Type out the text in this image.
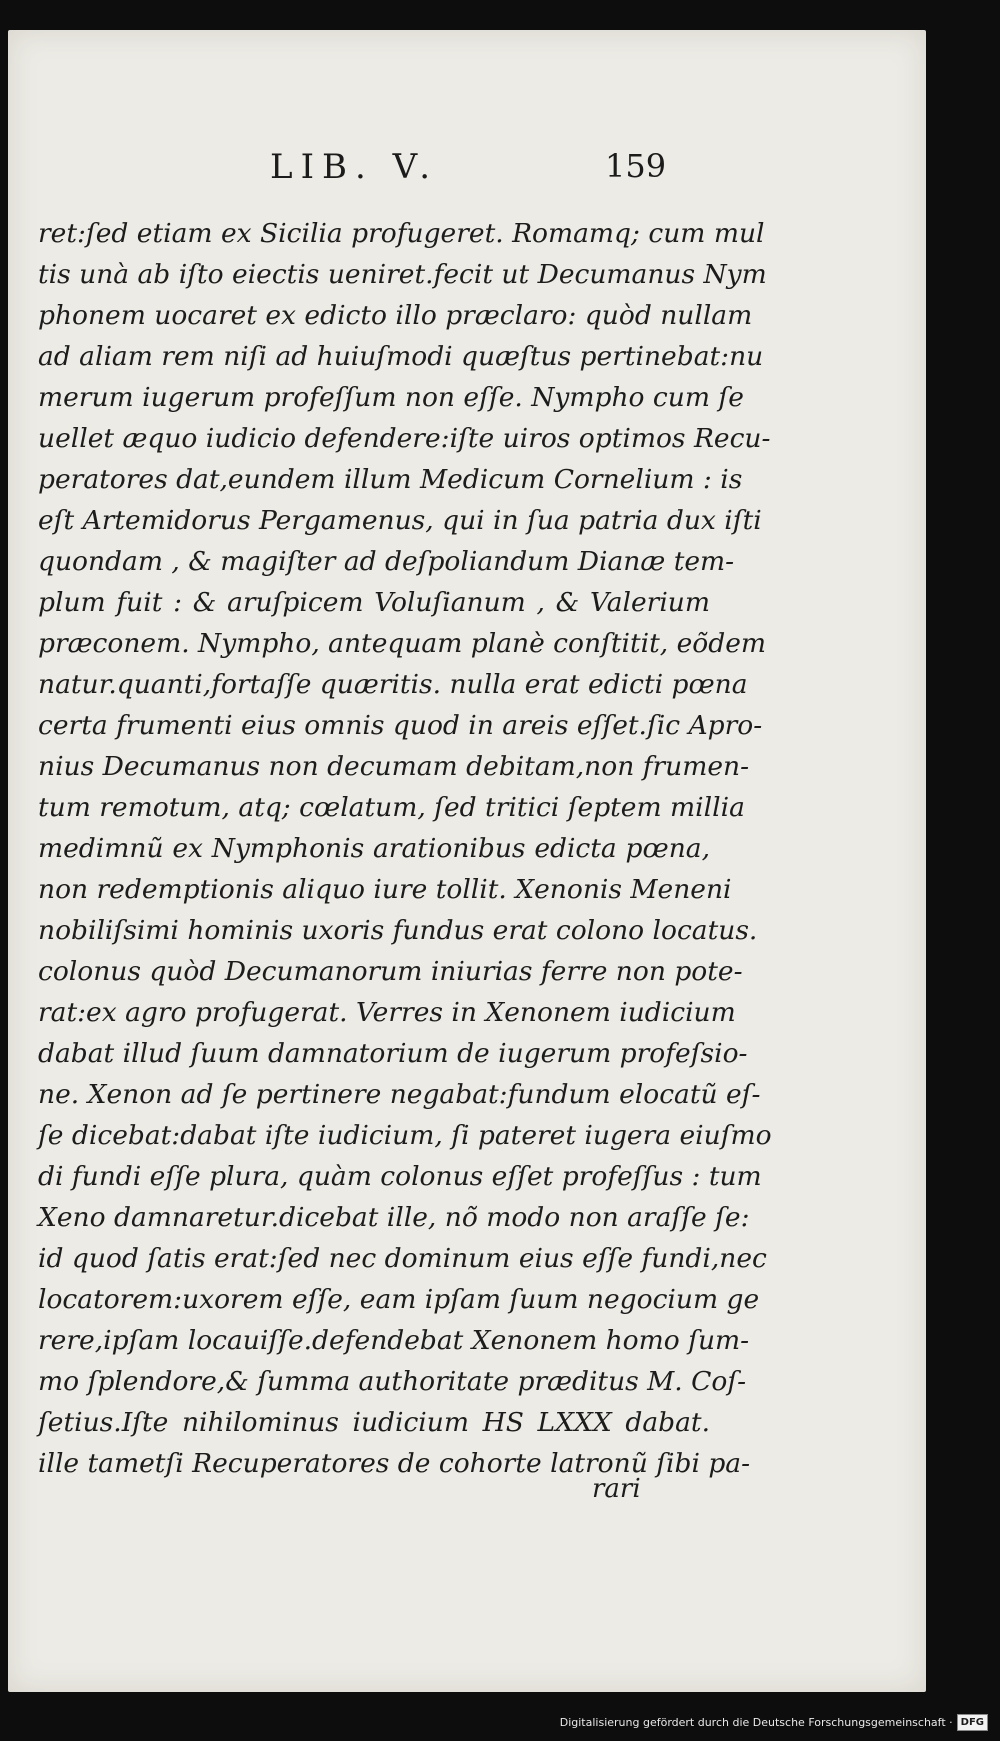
LIB. V.	159
ret:ſed etiam ex Sicilia profugeret. Romamq; cum mul
tis unà ab iſto eiectis ueniret.fecit ut Decumanus Nym
phonem uocaret ex edicto illo præclaro: quòd nullam
ad aliam rem niſi ad huiuſmodi quæſtus pertinebat:nu
merum iugerum profeſſum non eſſe. Nympho cum ſe
uellet æquo iudicio defendere:iſte uiros optimos Recu-
peratores dat,eundem illum Medicum Cornelium : is
eſt Artemidorus Pergamenus, qui in ſua patria dux iſti
quondam , & magiſter ad deſpoliandum Dianæ tem-
plum fuit : & aruſpicem Voluſianum , & Valerium
præconem. Nympho, antequam planè conſtitit, eõdem
natur.quanti,fortaſſe quæritis. nulla erat edicti pœna
certa frumenti eius omnis quod in areis eſſet.ſic Apro-
nius Decumanus non decumam debitam,non frumen-
tum remotum, atq; cœlatum, ſed tritici ſeptem millia
medimnũ ex Nymphonis arationibus edicta pœna,
non redemptionis aliquo iure tollit. Xenonis Meneni
nobiliſsimi hominis uxoris fundus erat colono locatus.
colonus quòd Decumanorum iniurias ferre non pote-
rat:ex agro profugerat. Verres in Xenonem iudicium
dabat illud ſuum damnatorium de iugerum profeſsio-
ne. Xenon ad ſe pertinere negabat:fundum elocatũ eſ-
ſe dicebat:dabat iſte iudicium, ſi pateret iugera eiuſmo
di fundi eſſe plura, quàm colonus eſſet profeſſus : tum
Xeno damnaretur.dicebat ille, nõ modo non araſſe ſe:
id quod ſatis erat:ſed nec dominum eius eſſe fundi,nec
locatorem:uxorem eſſe, eam ipſam ſuum negocium ge
rere,ipſam locauiſſe.defendebat Xenonem homo ſum-
mo ſplendore,& ſumma authoritate præditus M. Coſ-
ſetius.Iſte nihilominus iudicium HS LXXX dabat.
ille tametſi Recuperatores de cohorte latronũ ſibi pa-
rari
Digitalisierung gefördert durch die Deutsche Forschungsgemeinschaft · DFG
